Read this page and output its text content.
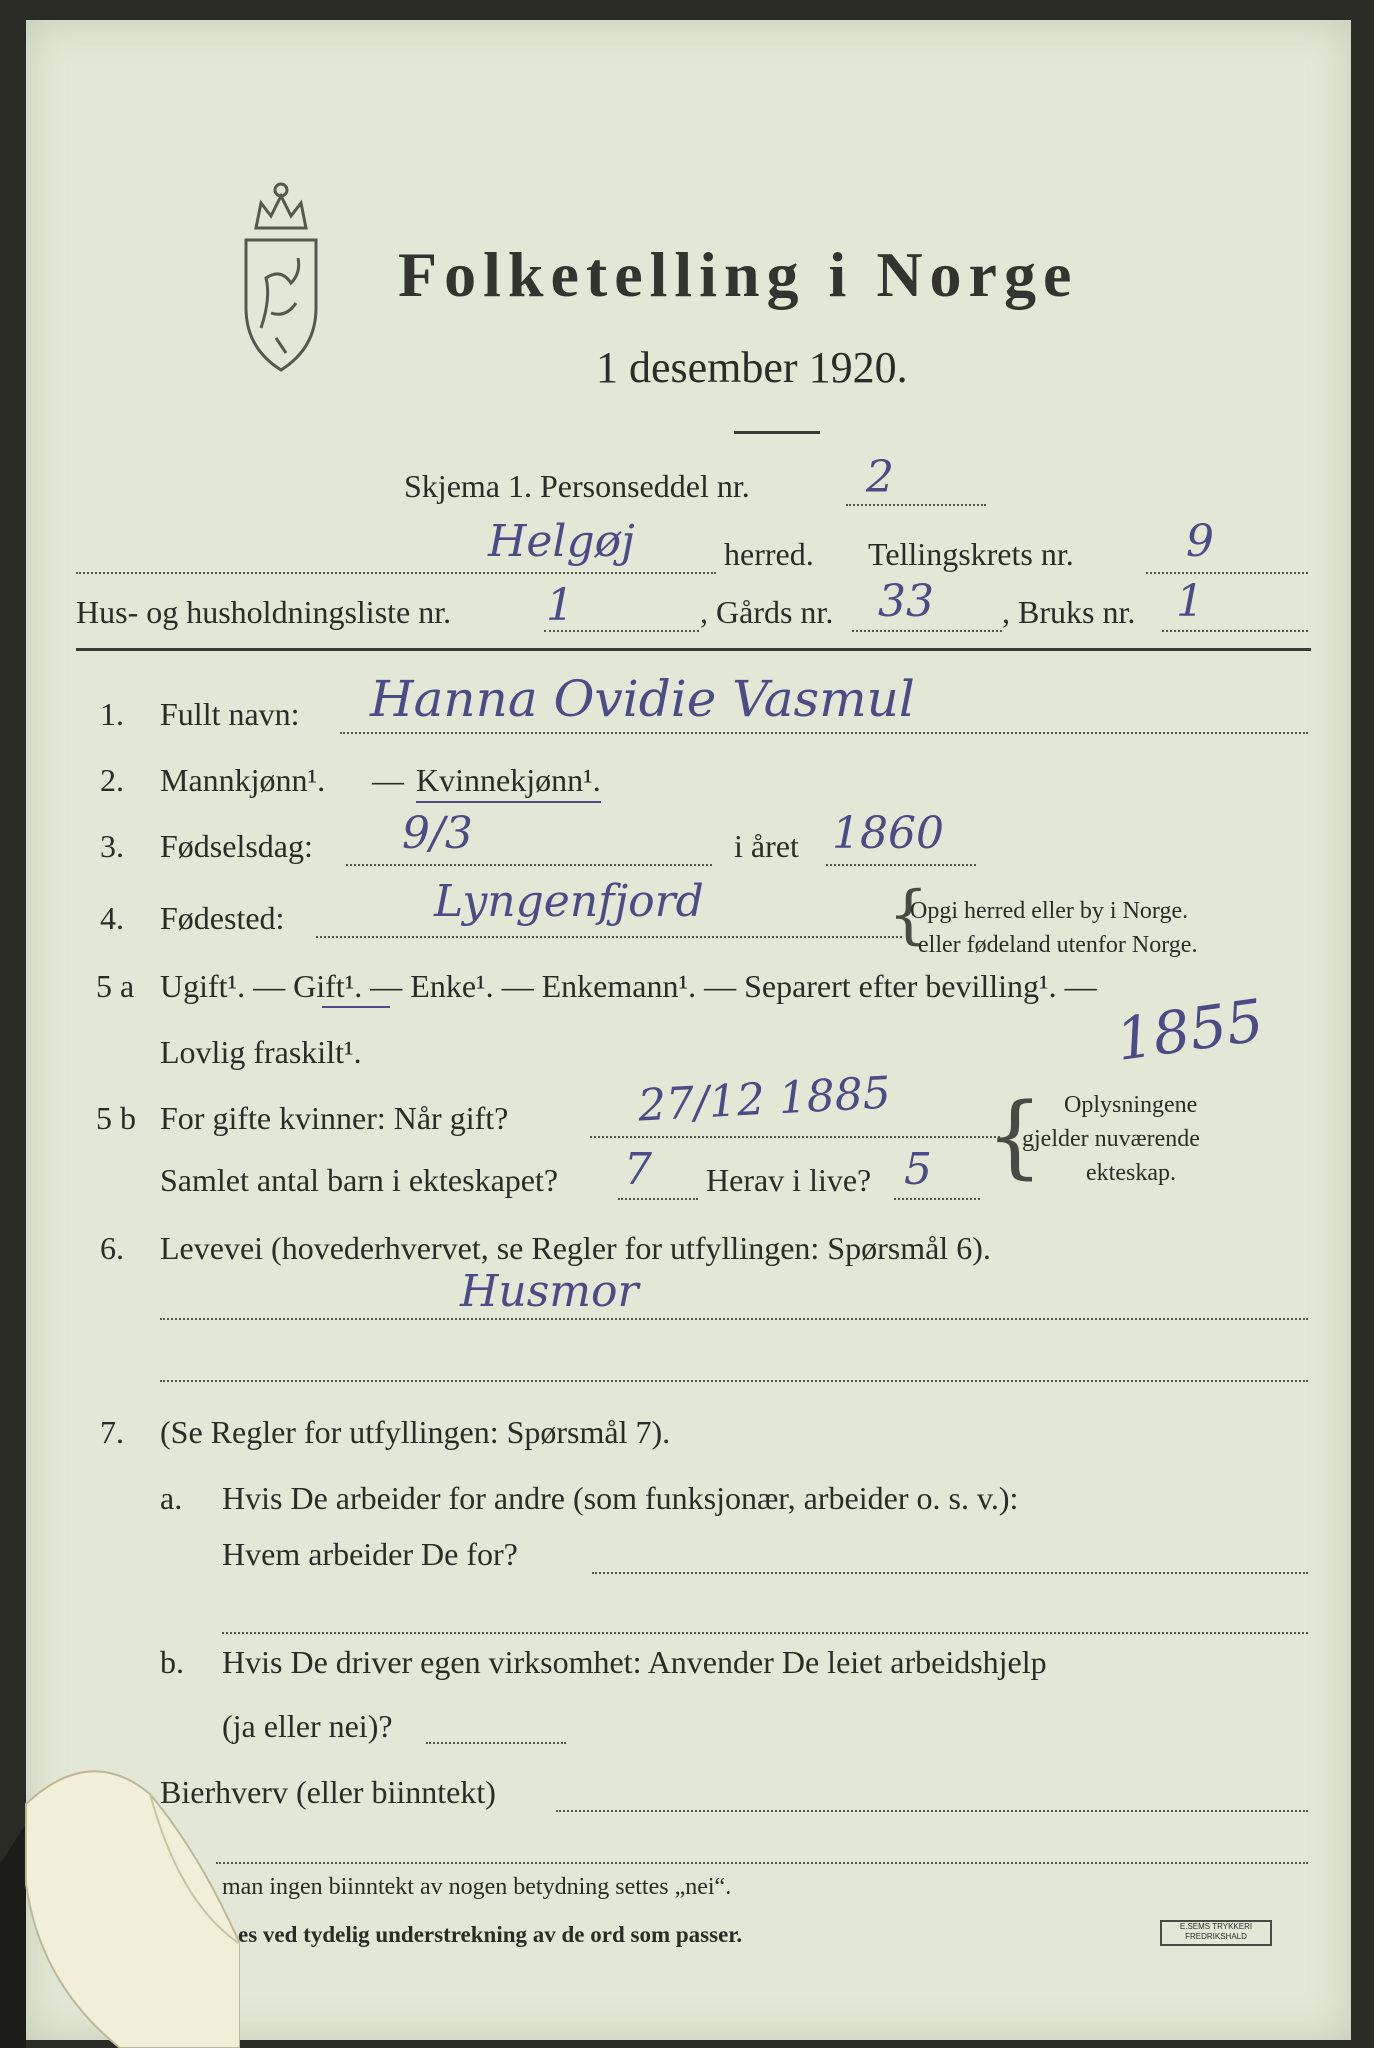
Folketelling i Norge
1 desember 1920.
Skjema 1. Personseddel nr.	2
Helgøj	herred. Tellingskrets nr.	9
Hus- og husholdningsliste nr. 1	, Gårds nr. 33 , Bruks nr. 1
1. Fullt navn: Hanna Ovidie Vasmul
2. Mannkjønn¹. — Kvinnekjønn¹.
3. Fødselsdag: 9/3	i året 1860
4. Fødested:	Lyngenfjord	{
Opgi herred eller by i Norge.
eller fødeland utenfor Norge.
5 a Ugift¹. — Gift¹. — Enke¹. — Enkemann¹. — Separert efter bevilling¹. —
Lovlig fraskilt¹.	1855
5 b For gifte kvinner: Når gift?	27/12 1885
Samlet antal barn i ekteskapet? 7 Herav i live? 5 { Oplysningene
gjelder nuværende
ekteskap.
6. Levevei (hovederhvervet, se Regler for utfyllingen: Spørsmål 6).
Husmor
7. (Se Regler for utfyllingen: Spørsmål 7).
a. Hvis De arbeider for andre (som funksjonær, arbeider o. s. v.):
Hvem arbeider De for?
b. Hvis De driver egen virksomhet: Anvender De leiet arbeidshjelp
(ja eller nei)?
Bierhverv (eller biinntekt)
man ingen biinntekt av nogen betydning settes „nei“.
es ved tydelig understrekning av de ord som passer.	E.SEMS TRYKKERI FREDRIKSHALD
